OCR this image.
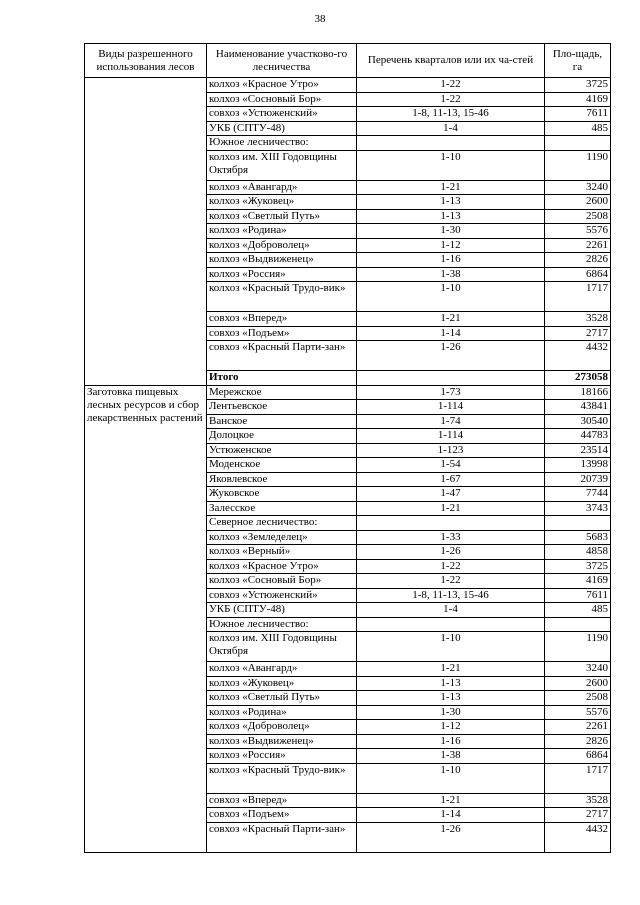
38
Виды разрешенного использования лесов	Наименование участково-го лесничества	Перечень кварталов или их ча-стей	Пло-щадь, га
	колхоз «Красное Утро»	1-22	3725
	колхоз «Сосновый Бор»	1-22	4169
	совхоз «Устюженский»	1-8, 11-13, 15-46	7611
	УКБ (СПТУ-48)	1-4	485
	Южное лесничество:		
	колхоз им. XIII Годовщины Октября	1-10	1190
	колхоз «Авангард»	1-21	3240
	колхоз «Жуковец»	1-13	2600
	колхоз «Светлый Путь»	1-13	2508
	колхоз «Родина»	1-30	5576
	колхоз «Доброволец»	1-12	2261
	колхоз «Выдвиженец»	1-16	2826
	колхоз «Россия»	1-38	6864
	колхоз «Красный Трудо-вик»	1-10	1717
	совхоз «Вперед»	1-21	3528
	совхоз «Подъем»	1-14	2717
	совхоз «Красный Парти-зан»	1-26	4432
	Итого		273058
Заготовка пищевых лесных ресурсов и сбор лекарственных растений	Мережское	1-73	18166
	Лентьевское	1-114	43841
	Ванское	1-74	30540
	Долоцкое	1-114	44783
	Устюженское	1-123	23514
	Моденское	1-54	13998
	Яковлевское	1-67	20739
	Жуковское	1-47	7744
	Залесское	1-21	3743
	Северное лесничество:		
	колхоз «Земледелец»	1-33	5683
	колхоз «Верный»	1-26	4858
	колхоз «Красное Утро»	1-22	3725
	колхоз «Сосновый Бор»	1-22	4169
	совхоз «Устюженский»	1-8, 11-13, 15-46	7611
	УКБ (СПТУ-48)	1-4	485
	Южное лесничество:		
	колхоз им. XIII Годовщины Октября	1-10	1190
	колхоз «Авангард»	1-21	3240
	колхоз «Жуковец»	1-13	2600
	колхоз «Светлый Путь»	1-13	2508
	колхоз «Родина»	1-30	5576
	колхоз «Доброволец»	1-12	2261
	колхоз «Выдвиженец»	1-16	2826
	колхоз «Россия»	1-38	6864
	колхоз «Красный Трудо-вик»	1-10	1717
	совхоз «Вперед»	1-21	3528
	совхоз «Подъем»	1-14	2717
	совхоз «Красный Парти-зан»	1-26	4432
